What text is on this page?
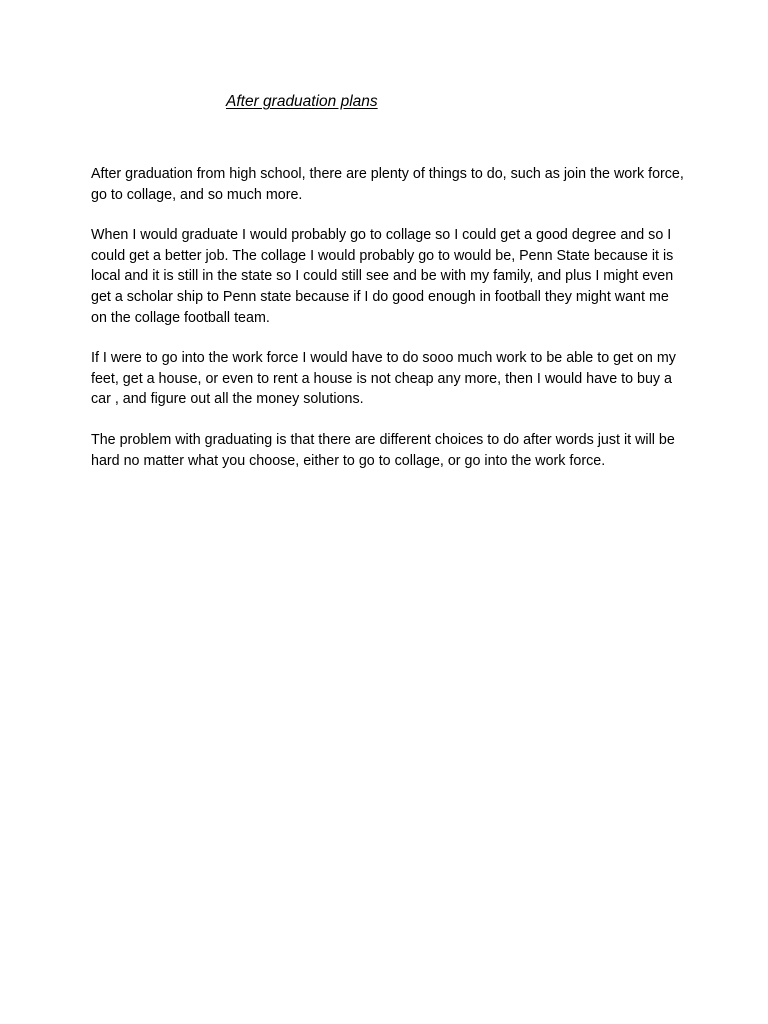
After graduation plans

After graduation from high school, there are plenty of things to do, such as join the work force, go to collage, and so much more.

When I would graduate I would probably go to collage so I could get a good degree and so I could get a better job. The collage I would probably go to would be, Penn State because it is local and it is still in the state so I could still see and be with my family, and plus I might even get a scholar ship to Penn state because if I do good enough in football they might want me on the collage football team.

If I were to go into the work force I would have to do sooo much work to be able to get on my feet, get a house, or even to rent a house is not cheap any more, then I would have to buy a car , and figure out all the money solutions.

The problem with graduating is that there are different choices to do after words just it will be hard no matter what you choose, either to go to collage, or go into the work force.
